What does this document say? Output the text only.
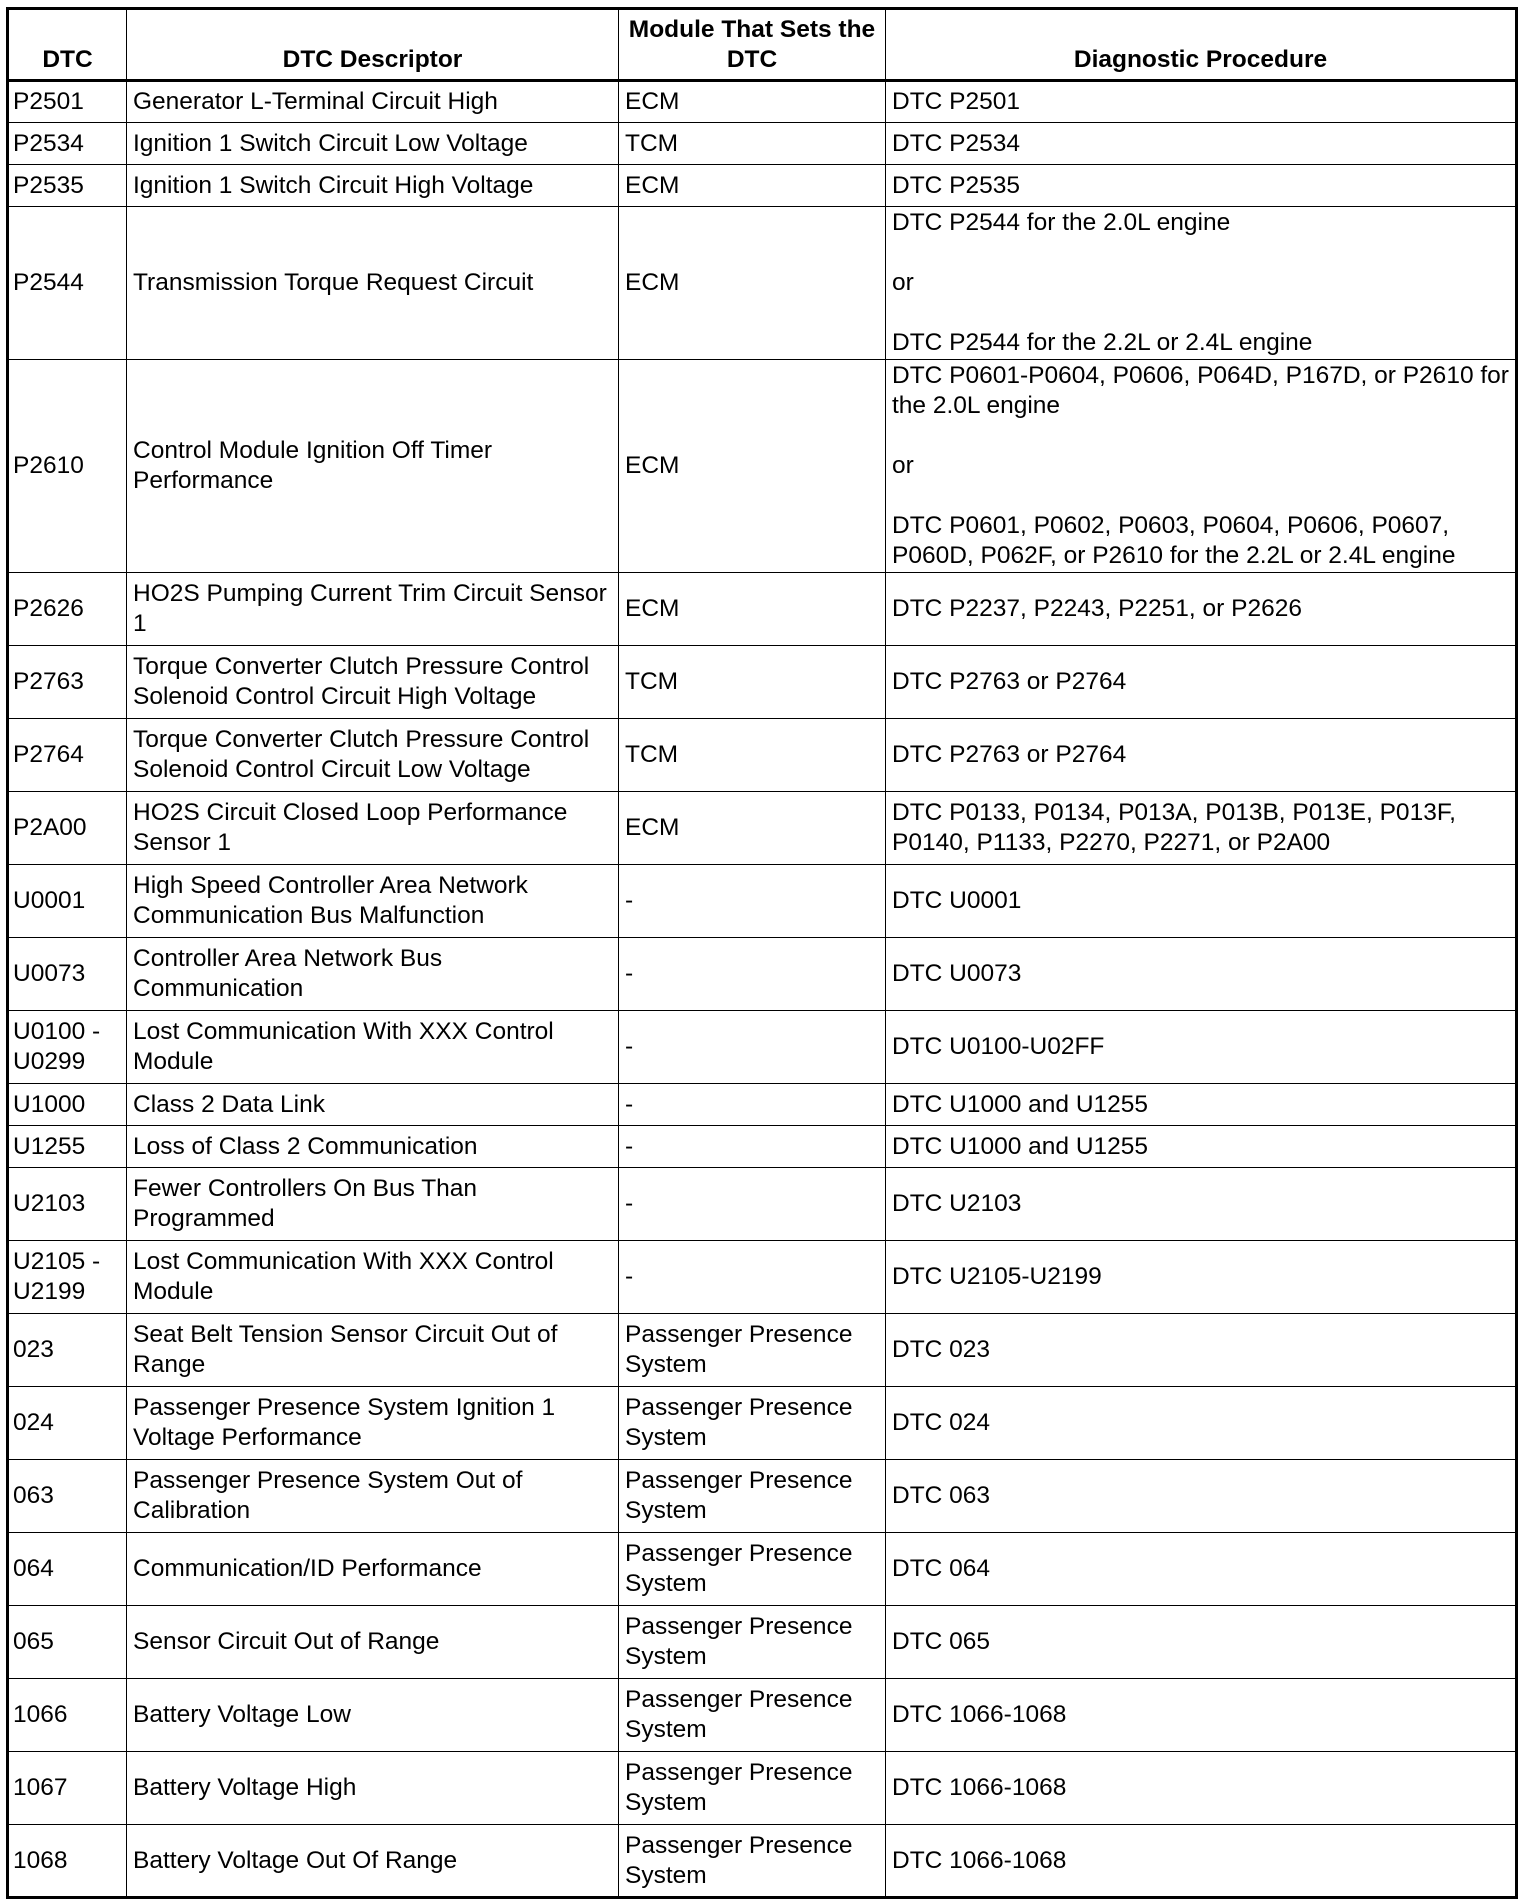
DTC	DTC Descriptor	Module That Sets the DTC	Diagnostic Procedure
P2501	Generator L-Terminal Circuit High	ECM	DTC P2501
P2534	Ignition 1 Switch Circuit Low Voltage	TCM	DTC P2534
P2535	Ignition 1 Switch Circuit High Voltage	ECM	DTC P2535
P2544	Transmission Torque Request Circuit	ECM	DTC P2544 for the 2.0L engine

or

DTC P2544 for the 2.2L or 2.4L engine
P2610	Control Module Ignition Off Timer Performance	ECM	DTC P0601-P0604, P0606, P064D, P167D, or P2610 for the 2.0L engine

or

DTC P0601, P0602, P0603, P0604, P0606, P0607, P060D, P062F, or P2610 for the 2.2L or 2.4L engine
P2626	HO2S Pumping Current Trim Circuit Sensor 1	ECM	DTC P2237, P2243, P2251, or P2626
P2763	Torque Converter Clutch Pressure Control
Solenoid Control Circuit High Voltage	TCM	DTC P2763 or P2764
P2764	Torque Converter Clutch Pressure Control
Solenoid Control Circuit Low Voltage	TCM	DTC P2763 or P2764
P2A00	HO2S Circuit Closed Loop Performance Sensor 1	ECM	DTC P0133, P0134, P013A, P013B, P013E, P013F, P0140, P1133, P2270, P2271, or P2A00
U0001	High Speed Controller Area Network Communication Bus Malfunction	-	DTC U0001
U0073	Controller Area Network Bus Communication	-	DTC U0073
U0100 -
U0299	Lost Communication With XXX Control Module	-	DTC U0100-U02FF
U1000	Class 2 Data Link	-	DTC U1000 and U1255
U1255	Loss of Class 2 Communication	-	DTC U1000 and U1255
U2103	Fewer Controllers On Bus Than Programmed	-	DTC U2103
U2105 -
U2199	Lost Communication With XXX Control Module	-	DTC U2105-U2199
023	Seat Belt Tension Sensor Circuit Out of Range	Passenger Presence System	DTC 023
024	Passenger Presence System Ignition 1 Voltage Performance	Passenger Presence System	DTC 024
063	Passenger Presence System Out of Calibration	Passenger Presence System	DTC 063
064	Communication/ID Performance	Passenger Presence System	DTC 064
065	Sensor Circuit Out of Range	Passenger Presence System	DTC 065
1066	Battery Voltage Low	Passenger Presence System	DTC 1066-1068
1067	Battery Voltage High	Passenger Presence System	DTC 1066-1068
1068	Battery Voltage Out Of Range	Passenger Presence System	DTC 1066-1068
